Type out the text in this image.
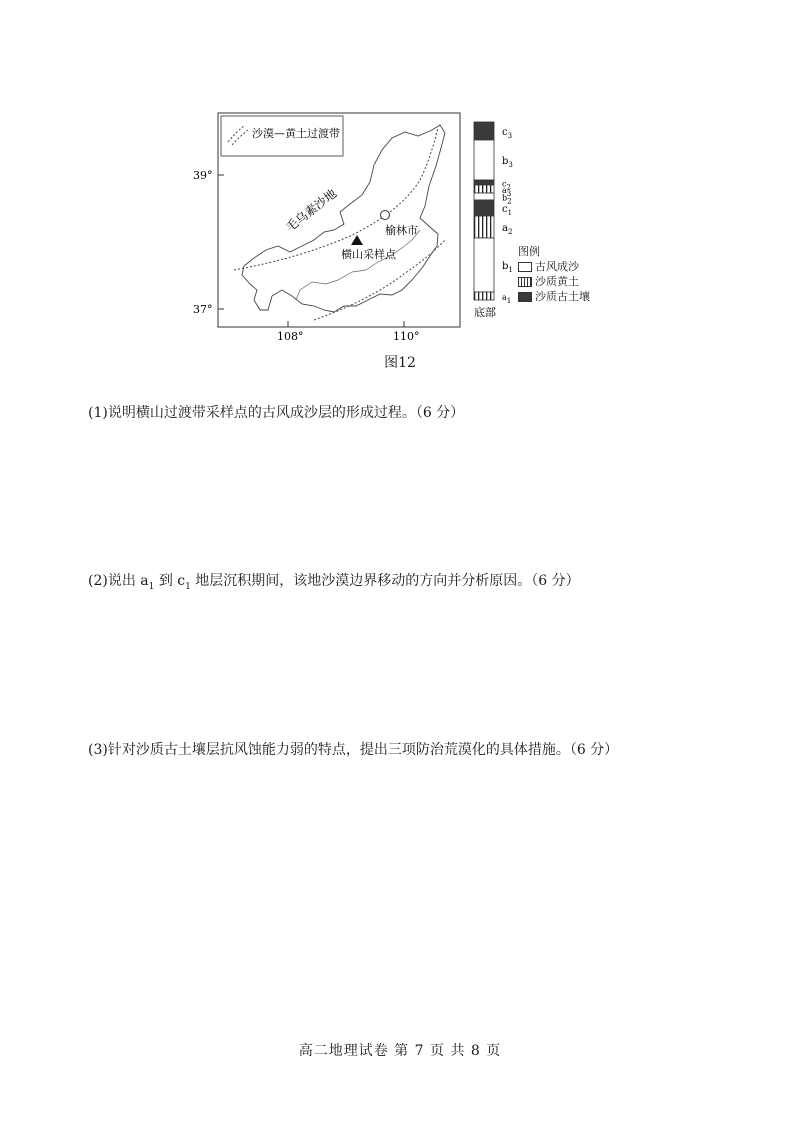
沙漠—黄土过渡带
39°
37°
108°	110°
毛乌素沙地	榆林市
横山采样点
$c_3$
$b_3$
c2
a3
b2
$c_1$
$a_2$
$b_1$
a1
底部
图例
古风成沙
沙质黄土
沙质古土壤
图12
(1)说明横山过渡带采样点的古风成沙层的形成过程。（6 分）
(2)说出 $a_1$ 到 $c_1$ 地层沉积期间，该地沙漠边界移动的方向并分析原因。（6 分）
(3)针对沙质古土壤层抗风蚀能力弱的特点，提出三项防治荒漠化的具体措施。（6 分）
高二地理试卷 第 7 页 共 8 页
